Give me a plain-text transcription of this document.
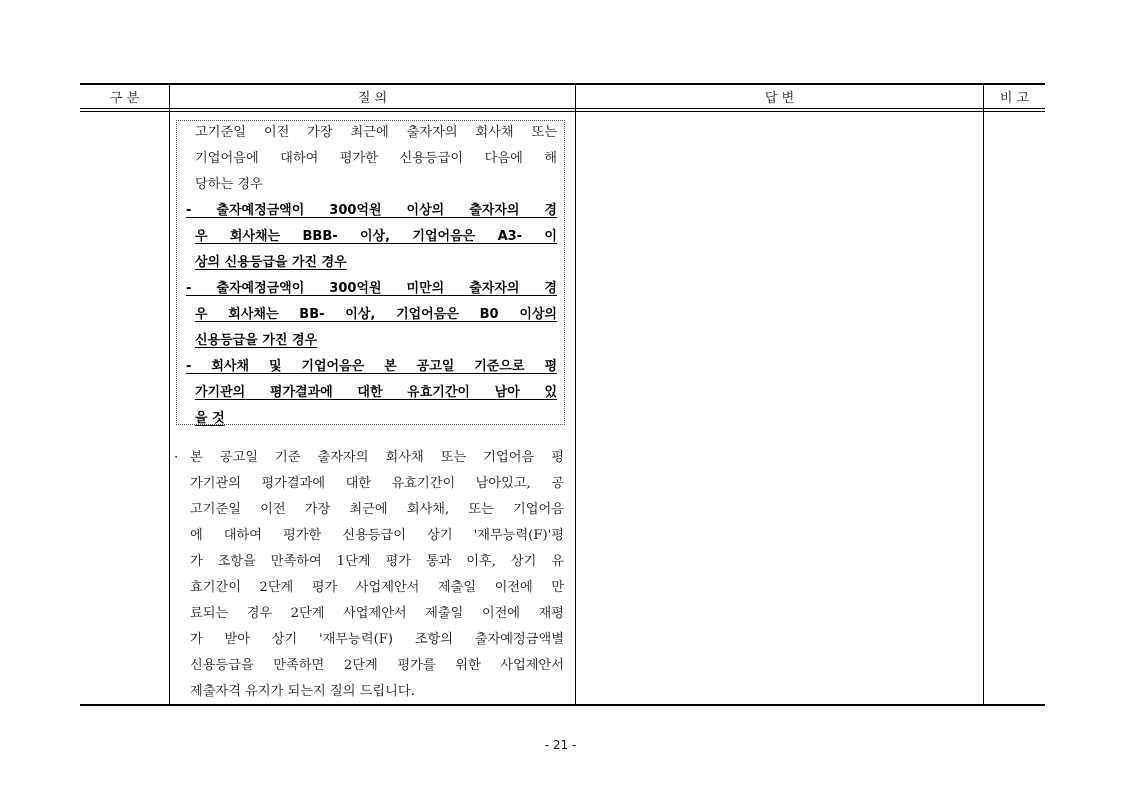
구 분	질 의	답 변	비 고
고기준일 이전 가장 최근에 출자자의 회사채 또는
기업어음에 대하여 평가한 신용등급이 다음에 해
당하는 경우
- 출자예정금액이 300억원 이상의 출자자의 경
우 회사채는 BBB- 이상, 기업어음은 A3- 이
상의 신용등급을 가진 경우
- 출자예정금액이 300억원 미만의 출자자의 경
우 회사채는 BB- 이상, 기업어음은 B0 이상의
신용등급을 가진 경우
- 회사채 및 기업어음은 본 공고일 기준으로 평
가기관의 평가결과에 대한 유효기간이 남아 있
을 것
· 본 공고일 기준 출자자의 회사채 또는 기업어음 평
가기관의 평가결과에 대한 유효기간이 남아있고, 공
고기준일 이전 가장 최근에 회사채, 또는 기업어음
에 대하여 평가한 신용등급이 상기 '재무능력(F)'평
가 조항을 만족하여 1단계 평가 통과 이후, 상기 유
효기간이 2단계 평가 사업제안서 제출일 이전에 만
료되는 경우 2단계 사업제안서 제출일 이전에 재평
가 받아 상기 '재무능력(F) 조항의 출자예정금액별
신용등급을 만족하면 2단계 평가를 위한 사업제안서
제출자격 유지가 되는지 질의 드립니다.
- 21 -
